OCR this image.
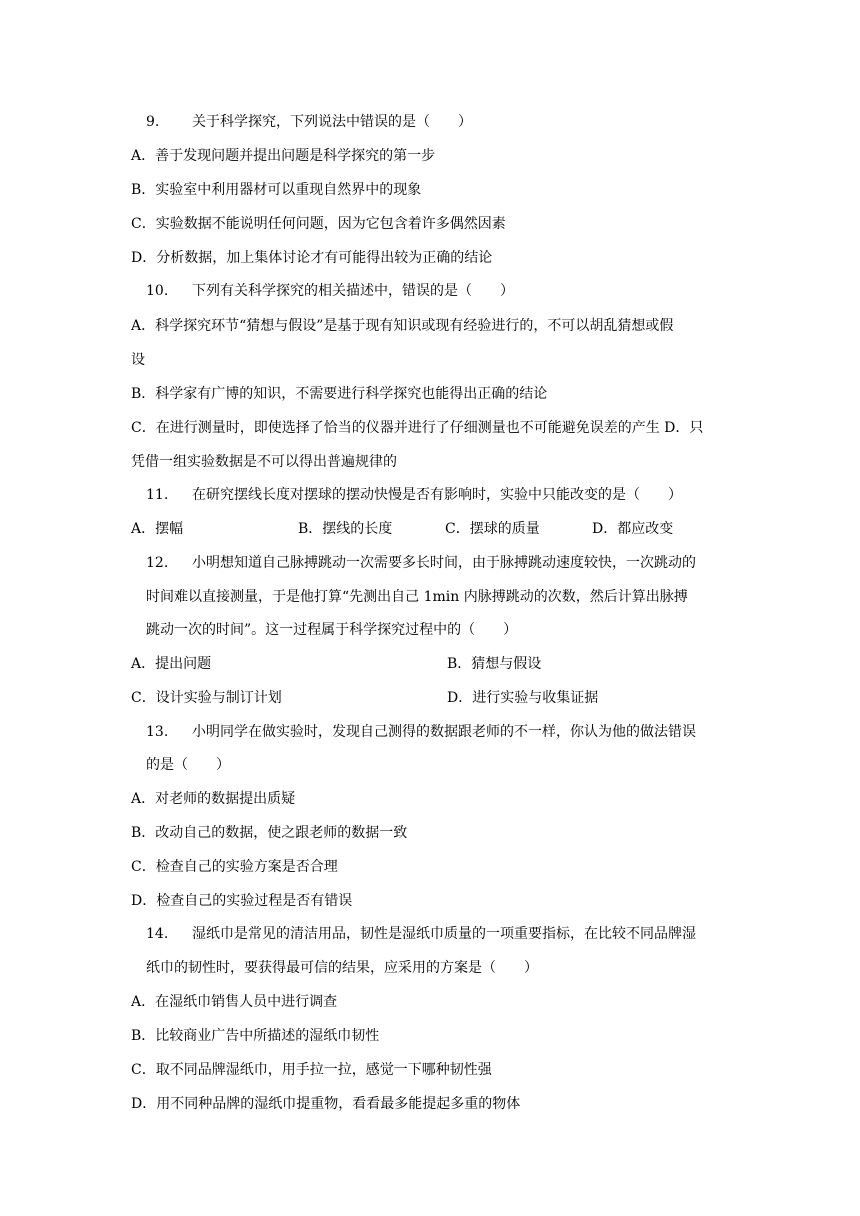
9. 关于科学探究，下列说法中错误的是（　　）
A．善于发现问题并提出问题是科学探究的第一步
B．实验室中利用器材可以重现自然界中的现象
C．实验数据不能说明任何问题，因为它包含着许多偶然因素
D．分析数据，加上集体讨论才有可能得出较为正确的结论
10. 下列有关科学探究的相关描述中，错误的是（　　）
A．科学探究环节“猜想与假设”是基于现有知识或现有经验进行的，不可以胡乱猜想或假
设
B．科学家有广博的知识，不需要进行科学探究也能得出正确的结论
C．在进行测量时，即使选择了恰当的仪器并进行了仔细测量也不可能避免误差的产生 D．只
凭借一组实验数据是不可以得出普遍规律的
11. 在研究摆线长度对摆球的摆动快慢是否有影响时，实验中只能改变的是（　　）
A．摆幅	B．摆线的长度	C．摆球的质量	D．都应改变
12. 小明想知道自己脉搏跳动一次需要多长时间，由于脉搏跳动速度较快，一次跳动的
时间难以直接测量，于是他打算“先测出自己 1min 内脉搏跳动的次数，然后计算出脉搏
跳动一次的时间”。这一过程属于科学探究过程中的（　　）
A．提出问题	B．猜想与假设
C．设计实验与制订计划	D．进行实验与收集证据
13. 小明同学在做实验时，发现自己测得的数据跟老师的不一样，你认为他的做法错误
的是（　　）
A．对老师的数据提出质疑
B．改动自己的数据，使之跟老师的数据一致
C．检查自己的实验方案是否合理
D．检查自己的实验过程是否有错误
14. 湿纸巾是常见的清洁用品，韧性是湿纸巾质量的一项重要指标，在比较不同品牌湿
纸巾的韧性时，要获得最可信的结果，应采用的方案是（　　）
A．在湿纸巾销售人员中进行调查
B．比较商业广告中所描述的湿纸巾韧性
C．取不同品牌湿纸巾，用手拉一拉，感觉一下哪种韧性强
D．用不同种品牌的湿纸巾提重物，看看最多能提起多重的物体
